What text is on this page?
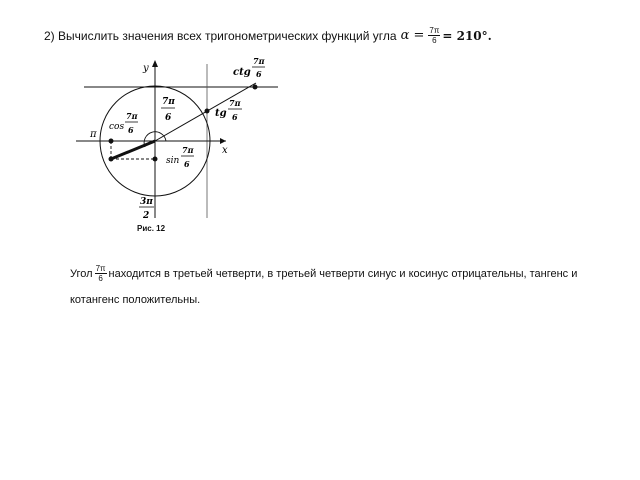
2) Вычислить значения всех тригонометрических функций угла $\alpha = \frac{7\pi}{6} = 210^\circ$.
y
x
π
ctg
7π
6
tg
7π
6
7π
6
cos
7π
6
sin
7π
6
3π
2
Рис. 12
Угол $\frac{7\pi}{6}$ находится в третьей четверти, в третьей четверти синус и косинус отрицательны, тангенс и
котангенс положительны.
